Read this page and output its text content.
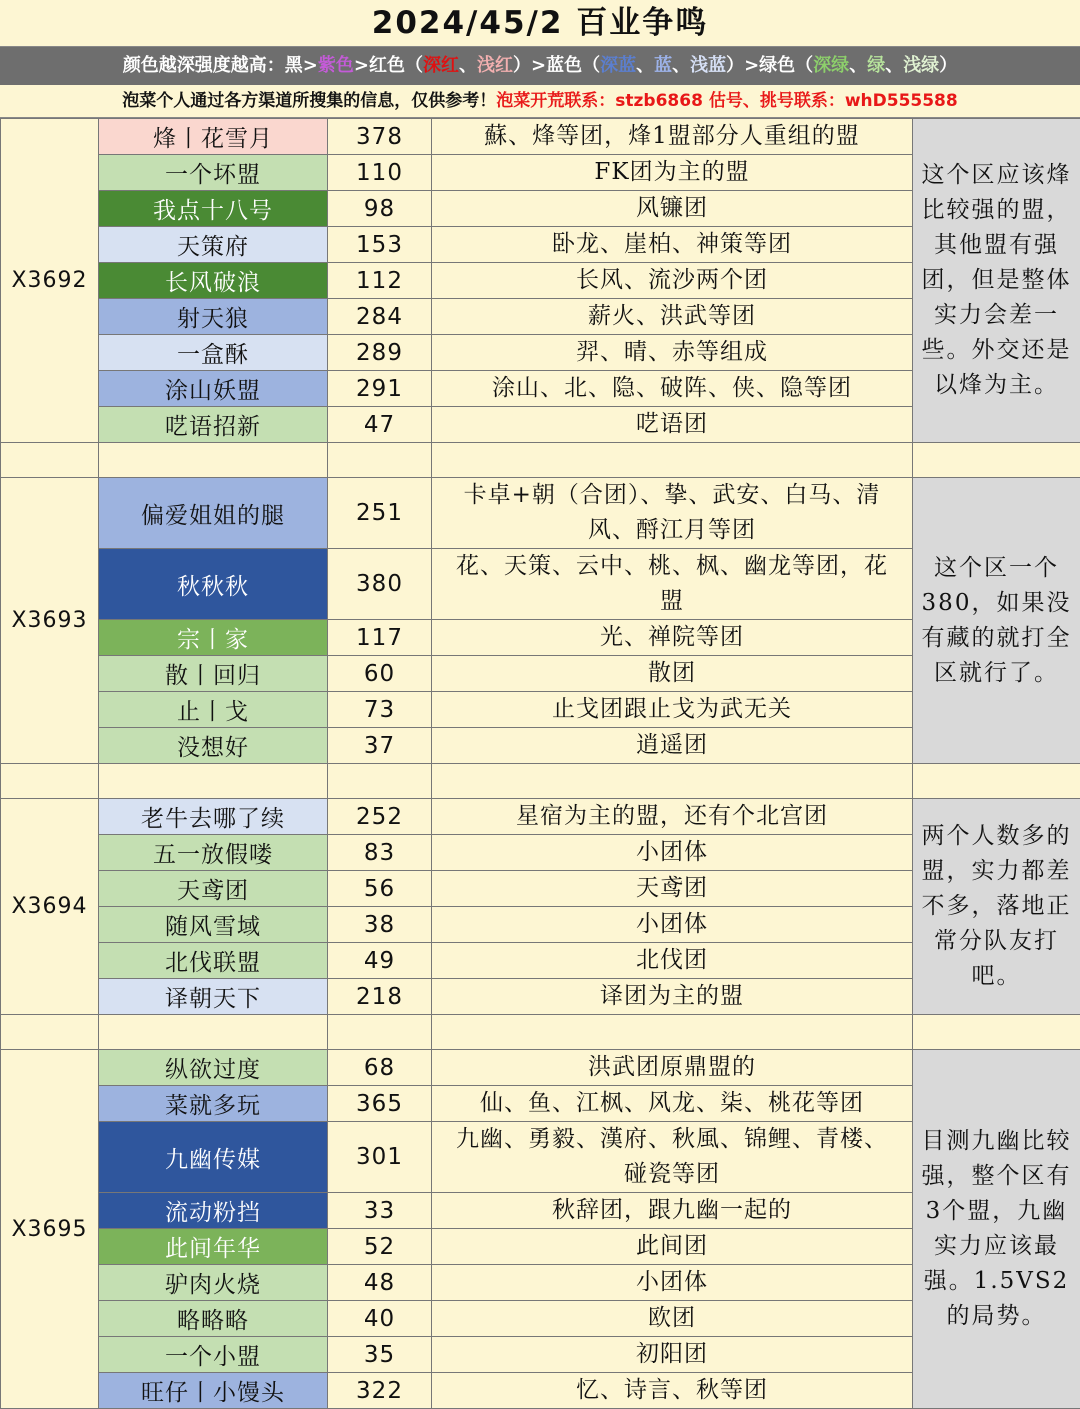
2024/45/2 百业争鸣
颜色越深强度越高：黑>紫色>红色（深红、浅红）>蓝色（深蓝、蓝、浅蓝）>绿色（深绿、绿、浅绿）
泡菜个人通过各方渠道所搜集的信息，仅供参考！泡菜开荒联系：stzb6868 估号、挑号联系：whD555588
X3692	烽丨花雪月	378	蘇、烽等团，烽1盟部分人重组的盟	这个区应该烽比较强的盟，其他盟有强团，但是整体实力会差一些。外交还是以烽为主。
	一个坏盟	110	FK团为主的盟	
	我点十八号	98	风镰团	
	天策府	153	卧龙、崖柏、神策等团	
	长风破浪	112	长风、流沙两个团	
	射天狼	284	薪火、洪武等团	
	一盒酥	289	羿、晴、赤等组成	
	涂山妖盟	291	涂山、北、隐、破阵、侠、隐等团	
	呓语招新	47	呓语团	

X3693	偏爱姐姐的腿	251	卡卓+朝（合团）、挚、武安、白马、清风、酹江月等团	这个区一个380，如果没有藏的就打全区就行了。
	秋秋秋	380	花、天策、云中、桃、枫、幽龙等团，花盟	
	宗丨家	117	光、禅院等团	
	散丨回归	60	散团	
	止丨戈	73	止戈团跟止戈为武无关	
	没想好	37	逍遥团	

X3694	老牛去哪了续	252	星宿为主的盟，还有个北宫团	两个人数多的盟，实力都差不多，落地正常分队友打吧。
	五一放假喽	83	小团体	
	天鸢团	56	天鸢团	
	随风雪域	38	小团体	
	北伐联盟	49	北伐团	
	译朝天下	218	译团为主的盟	

X3695	纵欲过度	68	洪武团原鼎盟的	目测九幽比较强，整个区有3个盟，九幽实力应该最强。1.5VS2的局势。
	菜就多玩	365	仙、鱼、江枫、风龙、柒、桃花等团	
	九幽传媒	301	九幽、勇毅、漢府、秋風、锦鲤、青楼、碰瓷等团	
	流动粉挡	33	秋辞团，跟九幽一起的	
	此间年华	52	此间团	
	驴肉火烧	48	小团体	
	略略略	40	欧团	
	一个小盟	35	初阳团	
	旺仔丨小馒头	322	忆、诗言、秋等团	
